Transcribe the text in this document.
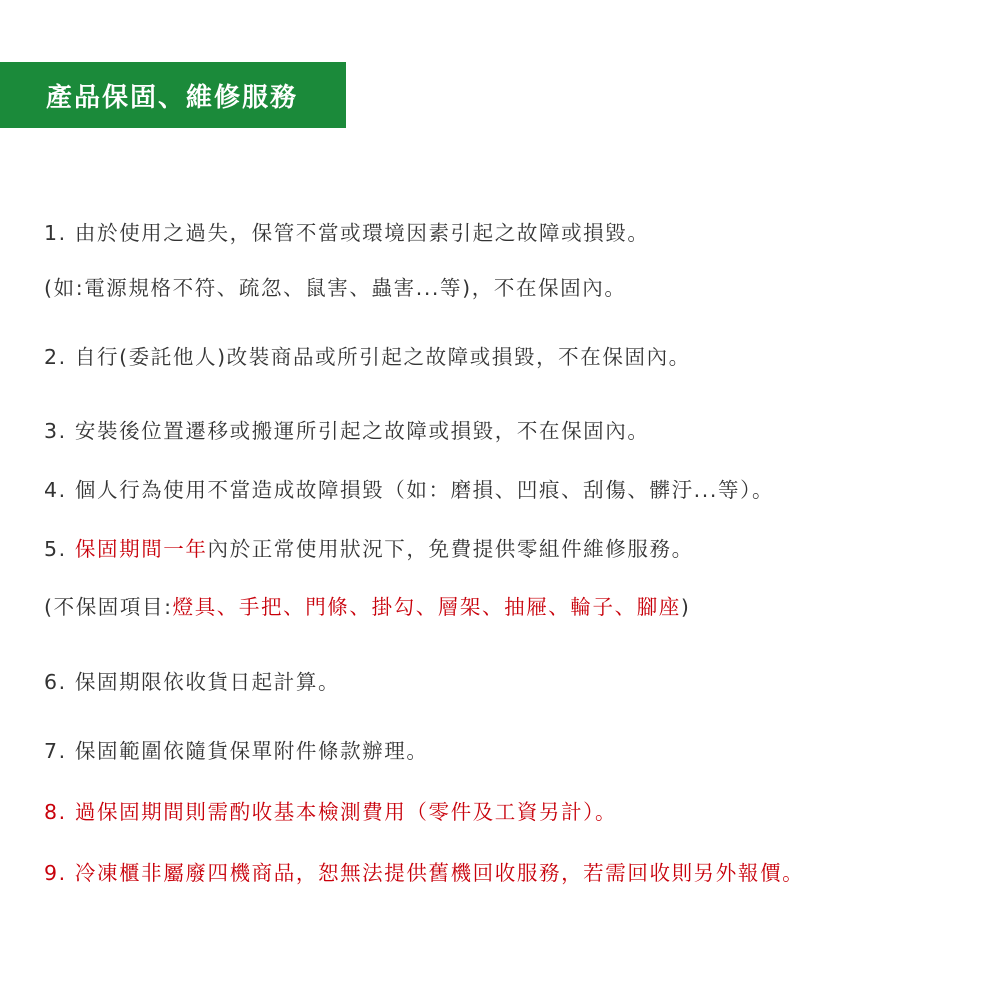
產品保固、維修服務
1. 由於使用之過失，保管不當或環境因素引起之故障或損毀。
(如:電源規格不符、疏忽、鼠害、蟲害...等)，不在保固內。
2. 自行(委託他人)改裝商品或所引起之故障或損毀，不在保固內。
3. 安裝後位置遷移或搬運所引起之故障或損毀，不在保固內。
4. 個人行為使用不當造成故障損毀（如：磨損、凹痕、刮傷、髒汙...等）。
5. 保固期間一年內於正常使用狀況下，免費提供零組件維修服務。
(不保固項目:燈具、手把、門條、掛勾、層架、抽屜、輪子、腳座)
6. 保固期限依收貨日起計算。
7. 保固範圍依隨貨保單附件條款辦理。
8. 過保固期間則需酌收基本檢測費用（零件及工資另計）。
9. 冷凍櫃非屬廢四機商品，恕無法提供舊機回收服務，若需回收則另外報價。
